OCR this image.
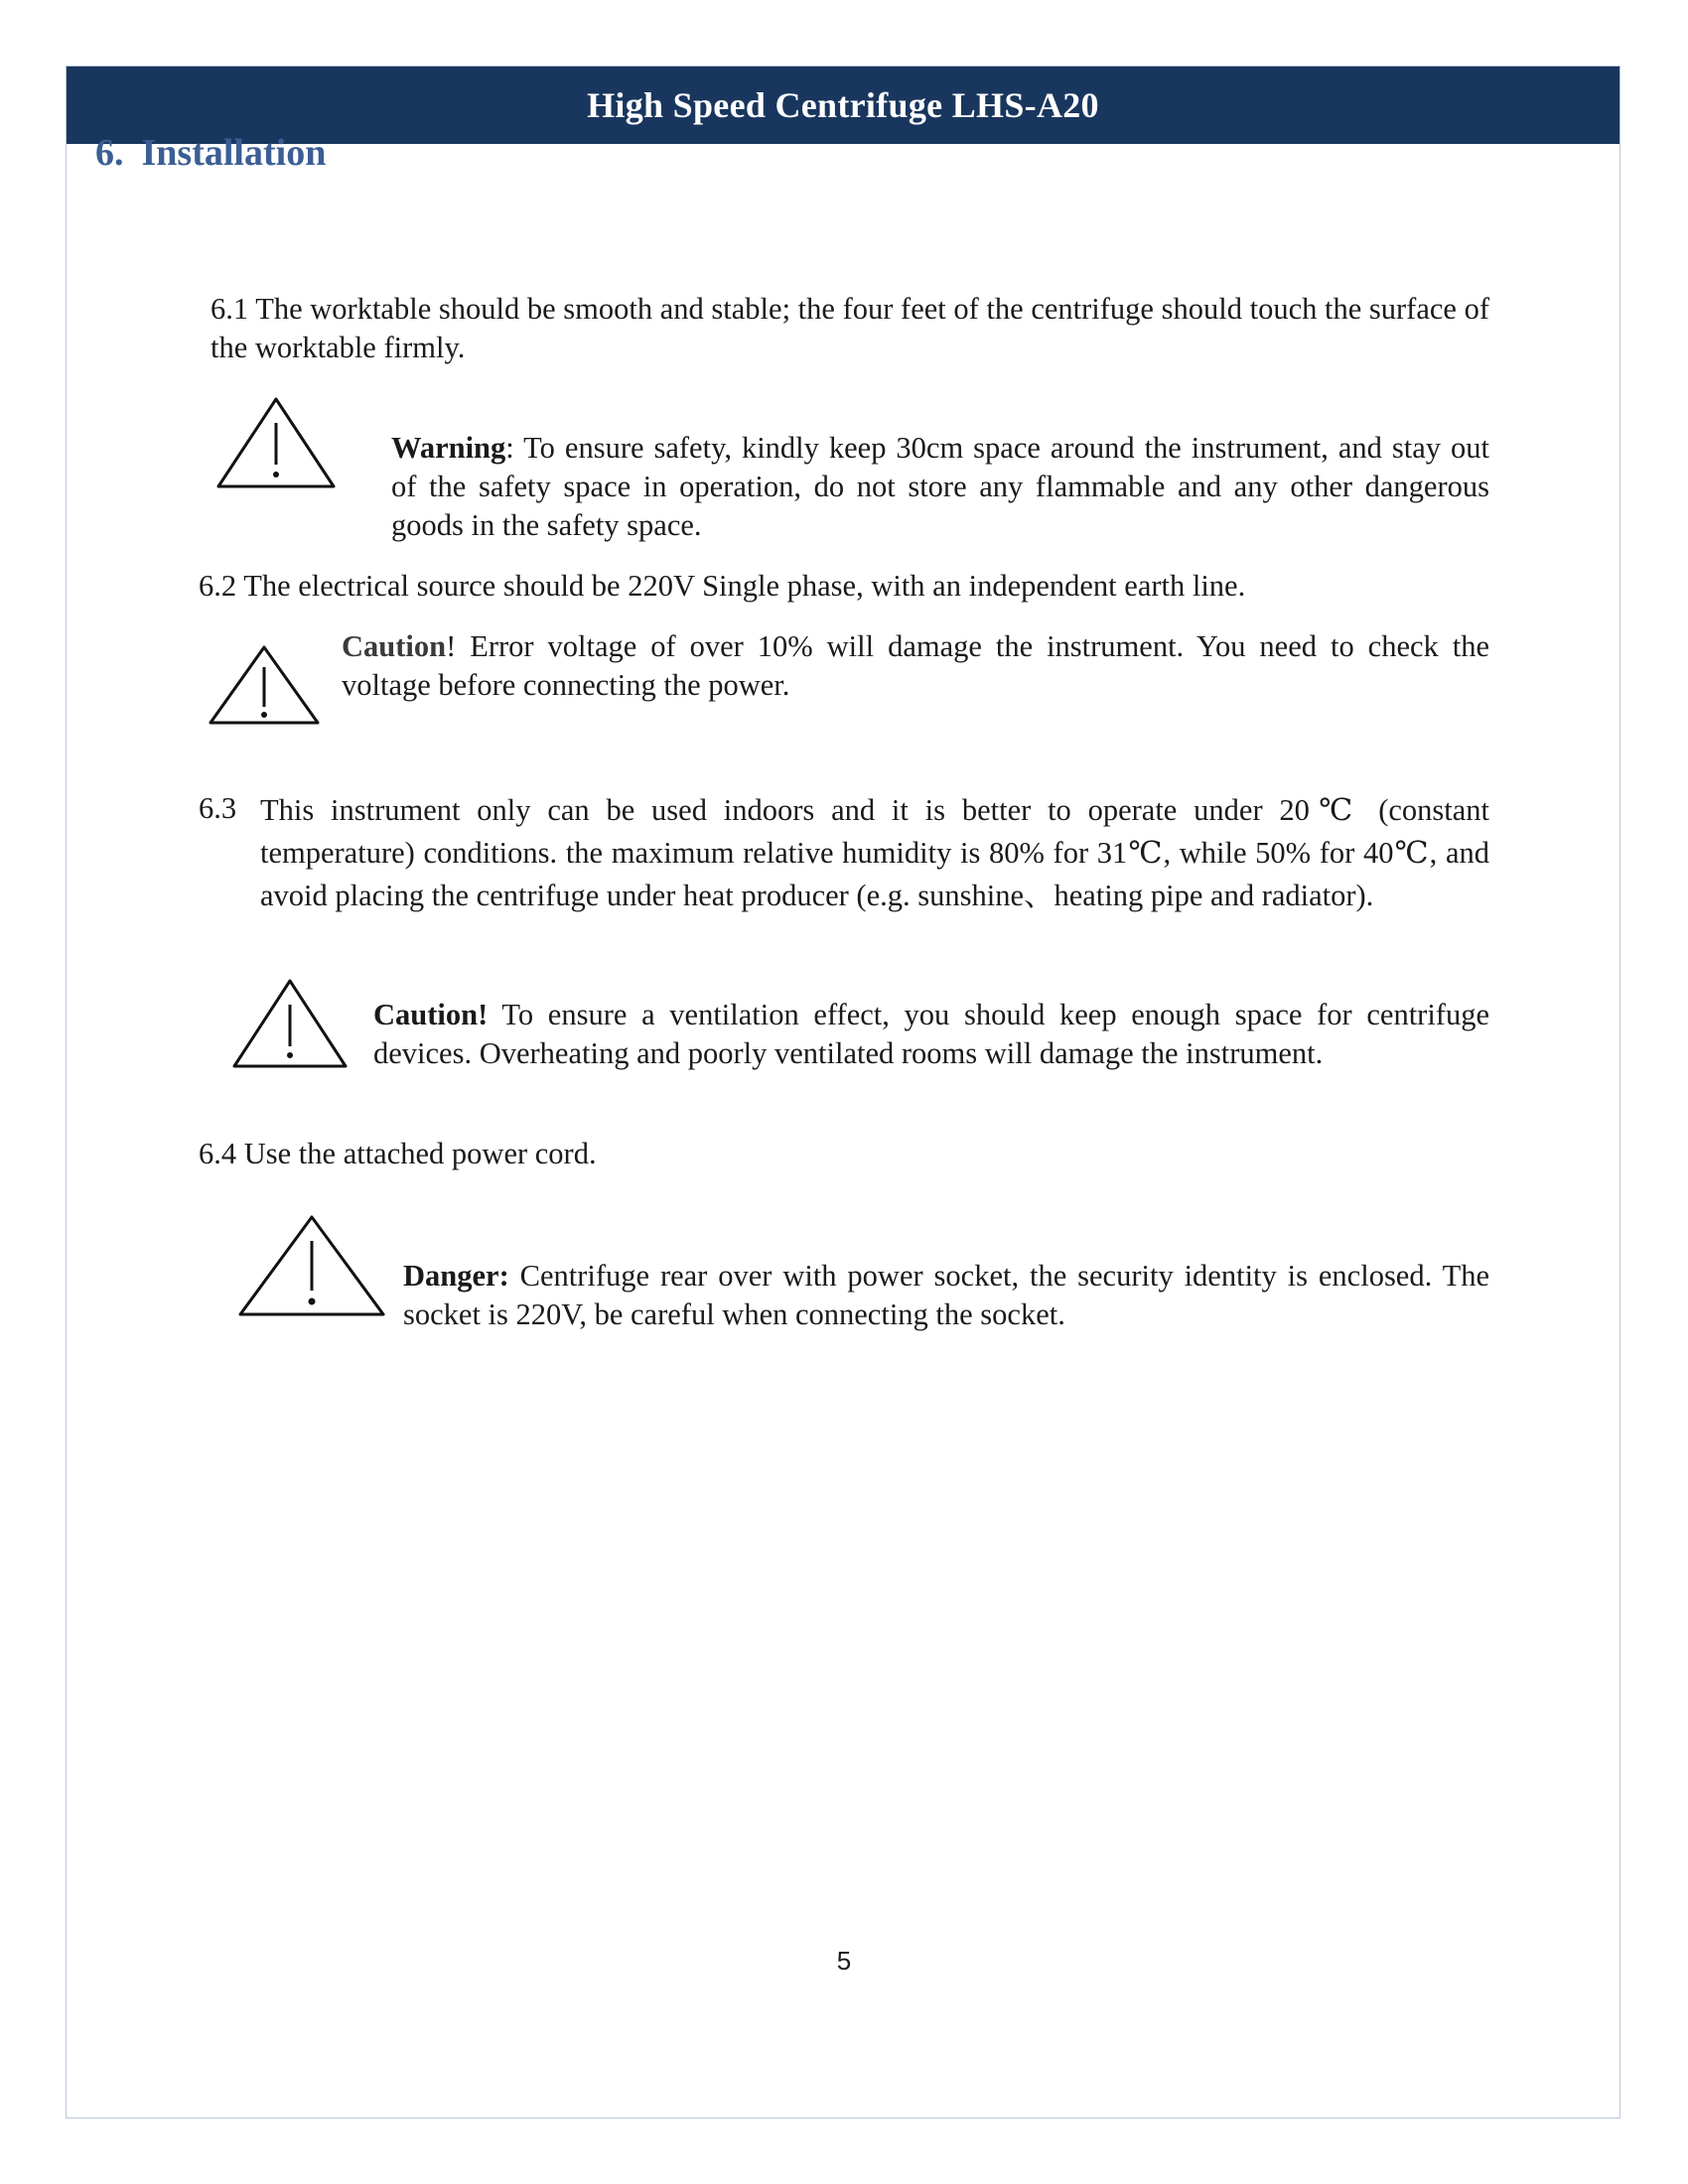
High Speed Centrifuge LHS-A20
6. Installation
6.1 The worktable should be smooth and stable; the four feet of the centrifuge should touch the surface of the worktable firmly.
Warning: To ensure safety, kindly keep 30cm space around the instrument, and stay out of the safety space in operation, do not store any flammable and any other dangerous goods in the safety space.
6.2 The electrical source should be 220V Single phase, with an independent earth line.
Caution! Error voltage of over 10% will damage the instrument. You need to check the voltage before connecting the power.
6.3 This instrument only can be used indoors and it is better to operate under 20℃ (constant temperature) conditions. the maximum relative humidity is 80% for 31℃, while 50% for 40℃, and avoid placing the centrifuge under heat producer (e.g. sunshine、heating pipe and radiator).
Caution! To ensure a ventilation effect, you should keep enough space for centrifuge devices. Overheating and poorly ventilated rooms will damage the instrument.
6.4 Use the attached power cord.
Danger: Centrifuge rear over with power socket, the security identity is enclosed. The socket is 220V, be careful when connecting the socket.
5
